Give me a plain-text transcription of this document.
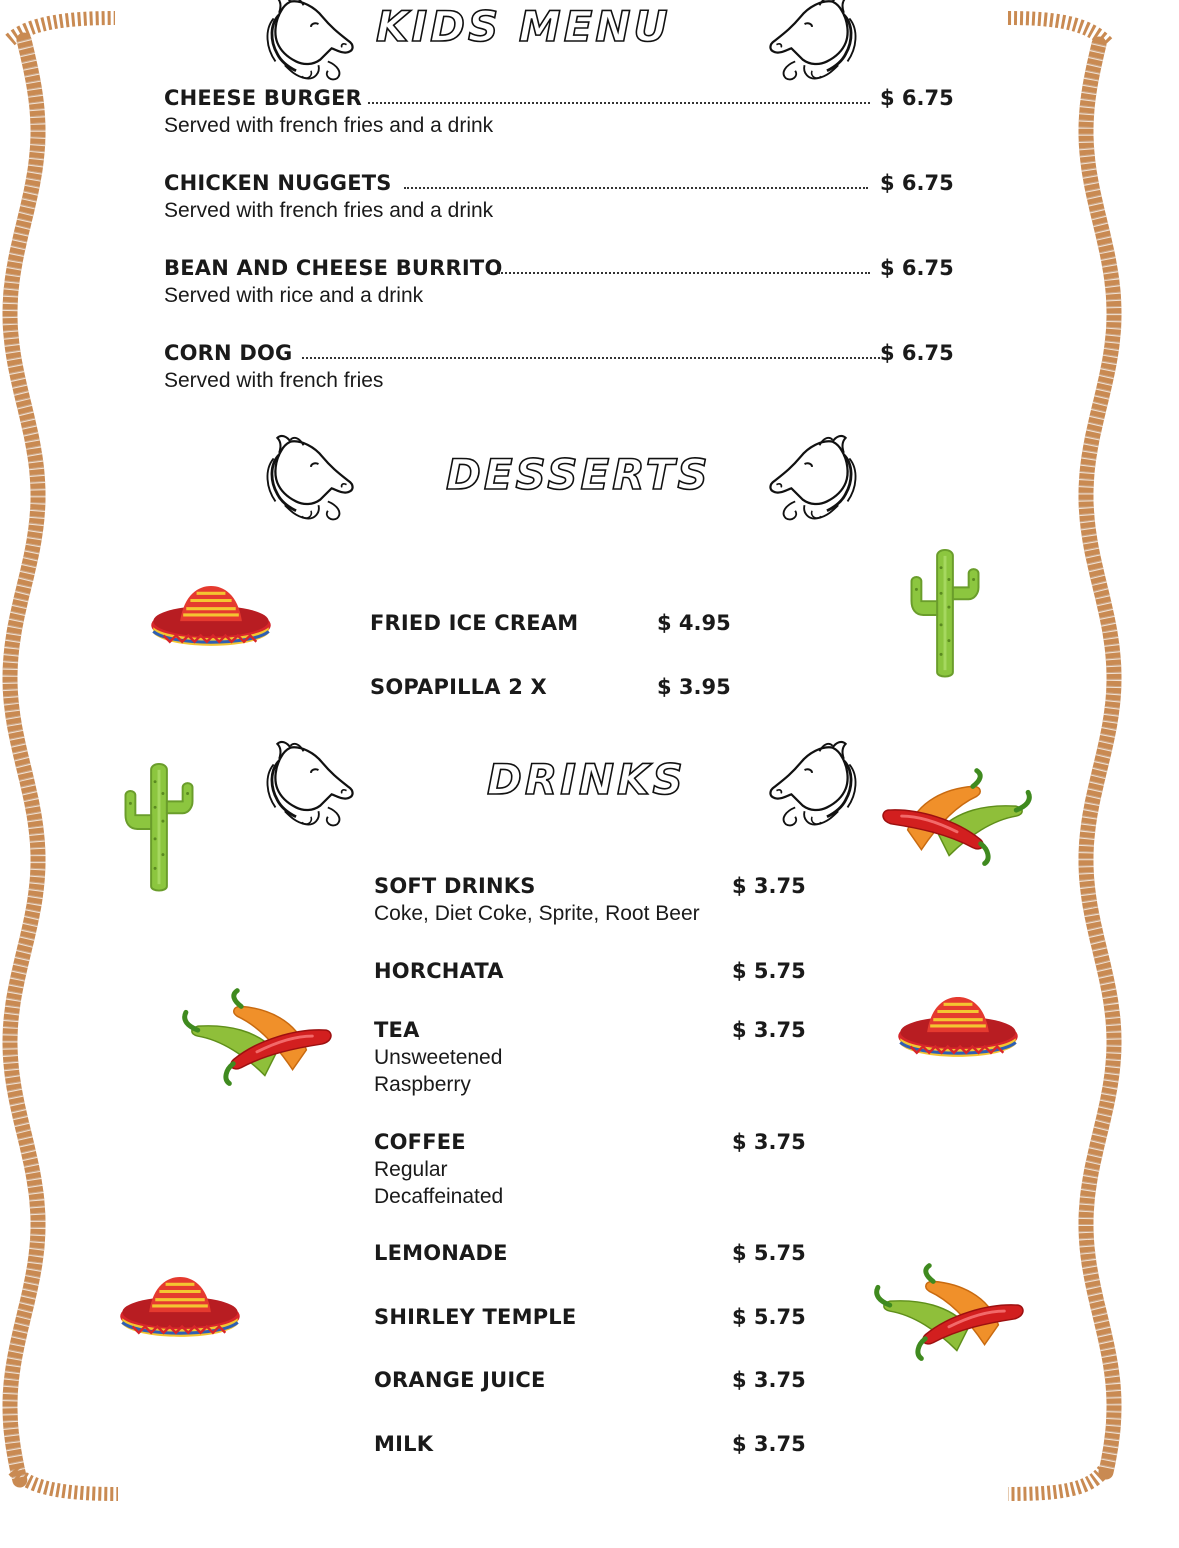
KIDS MENU
CHEESE BURGER	$ 6.75
Served with french fries and a drink
CHICKEN NUGGETS	$ 6.75
Served with french fries and a drink
BEAN AND CHEESE BURRITO	$ 6.75
Served with rice and a drink
CORN DOG	$ 6.75
Served with french fries
DESSERTS
FRIED ICE CREAM	$ 4.95
SOPAPILLA 2 X	$ 3.95
DRINKS
SOFT DRINKS	$ 3.75
Coke, Diet Coke, Sprite, Root Beer
HORCHATA	$ 5.75
TEA	$ 3.75
Unsweetened
Raspberry
COFFEE	$ 3.75
Regular
Decaffeinated
LEMONADE	$ 5.75
SHIRLEY TEMPLE	$ 5.75
ORANGE JUICE	$ 3.75
MILK	$ 3.75
